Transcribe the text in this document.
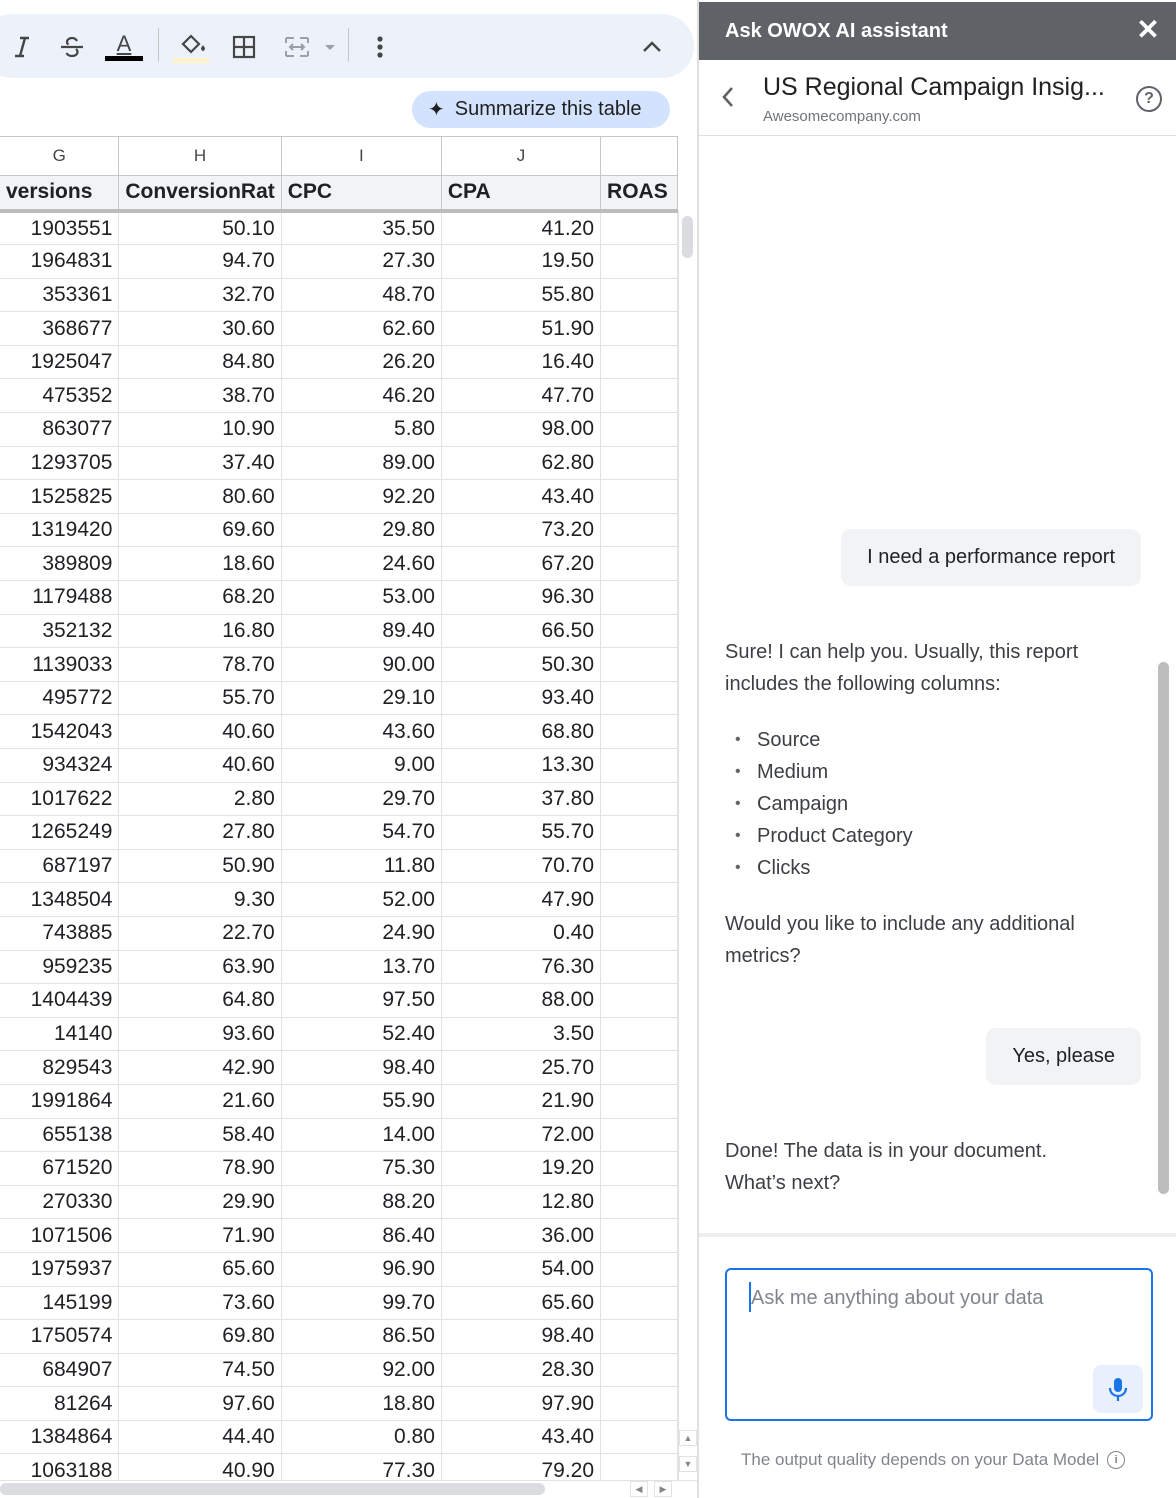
A
✦ Summarize this table
G	H	I	J	
versions	ConversionRat	CPC	CPA	ROAS
1903551	50.10	35.50	41.20	
1964831	94.70	27.30	19.50	
353361	32.70	48.70	55.80	
368677	30.60	62.60	51.90	
1925047	84.80	26.20	16.40	
475352	38.70	46.20	47.70	
863077	10.90	5.80	98.00	
1293705	37.40	89.00	62.80	
1525825	80.60	92.20	43.40	
1319420	69.60	29.80	73.20	
389809	18.60	24.60	67.20	
1179488	68.20	53.00	96.30	
352132	16.80	89.40	66.50	
1139033	78.70	90.00	50.30	
495772	55.70	29.10	93.40	
1542043	40.60	43.60	68.80	
934324	40.60	9.00	13.30	
1017622	2.80	29.70	37.80	
1265249	27.80	54.70	55.70	
687197	50.90	11.80	70.70	
1348504	9.30	52.00	47.90	
743885	22.70	24.90	0.40	
959235	63.90	13.70	76.30	
1404439	64.80	97.50	88.00	
14140	93.60	52.40	3.50	
829543	42.90	98.40	25.70	
1991864	21.60	55.90	21.90	
655138	58.40	14.00	72.00	
671520	78.90	75.30	19.20	
270330	29.90	88.20	12.80	
1071506	71.90	86.40	36.00	
1975937	65.60	96.90	54.00	
145199	73.60	99.70	65.60	
1750574	69.80	86.50	98.40	
684907	74.50	92.00	28.30	
81264	97.60	18.80	97.90	
1384864	44.40	0.80	43.40	
1063188	40.90	77.30	79.20	
▲
▼
◀	▶
Ask OWOX AI assistant	✕
US Regional Campaign Insig...
Awesomecompany.com
?
I need a performance report

Sure! I can help you. Usually, this report includes the following columns:

• Source
• Medium
• Campaign
• Product Category
• Clicks

Would you like to include any additional metrics?

Yes, please
Done! The data is in your document. What’s next?
Ask me anything about your data
The output quality depends on your Data Model	i
